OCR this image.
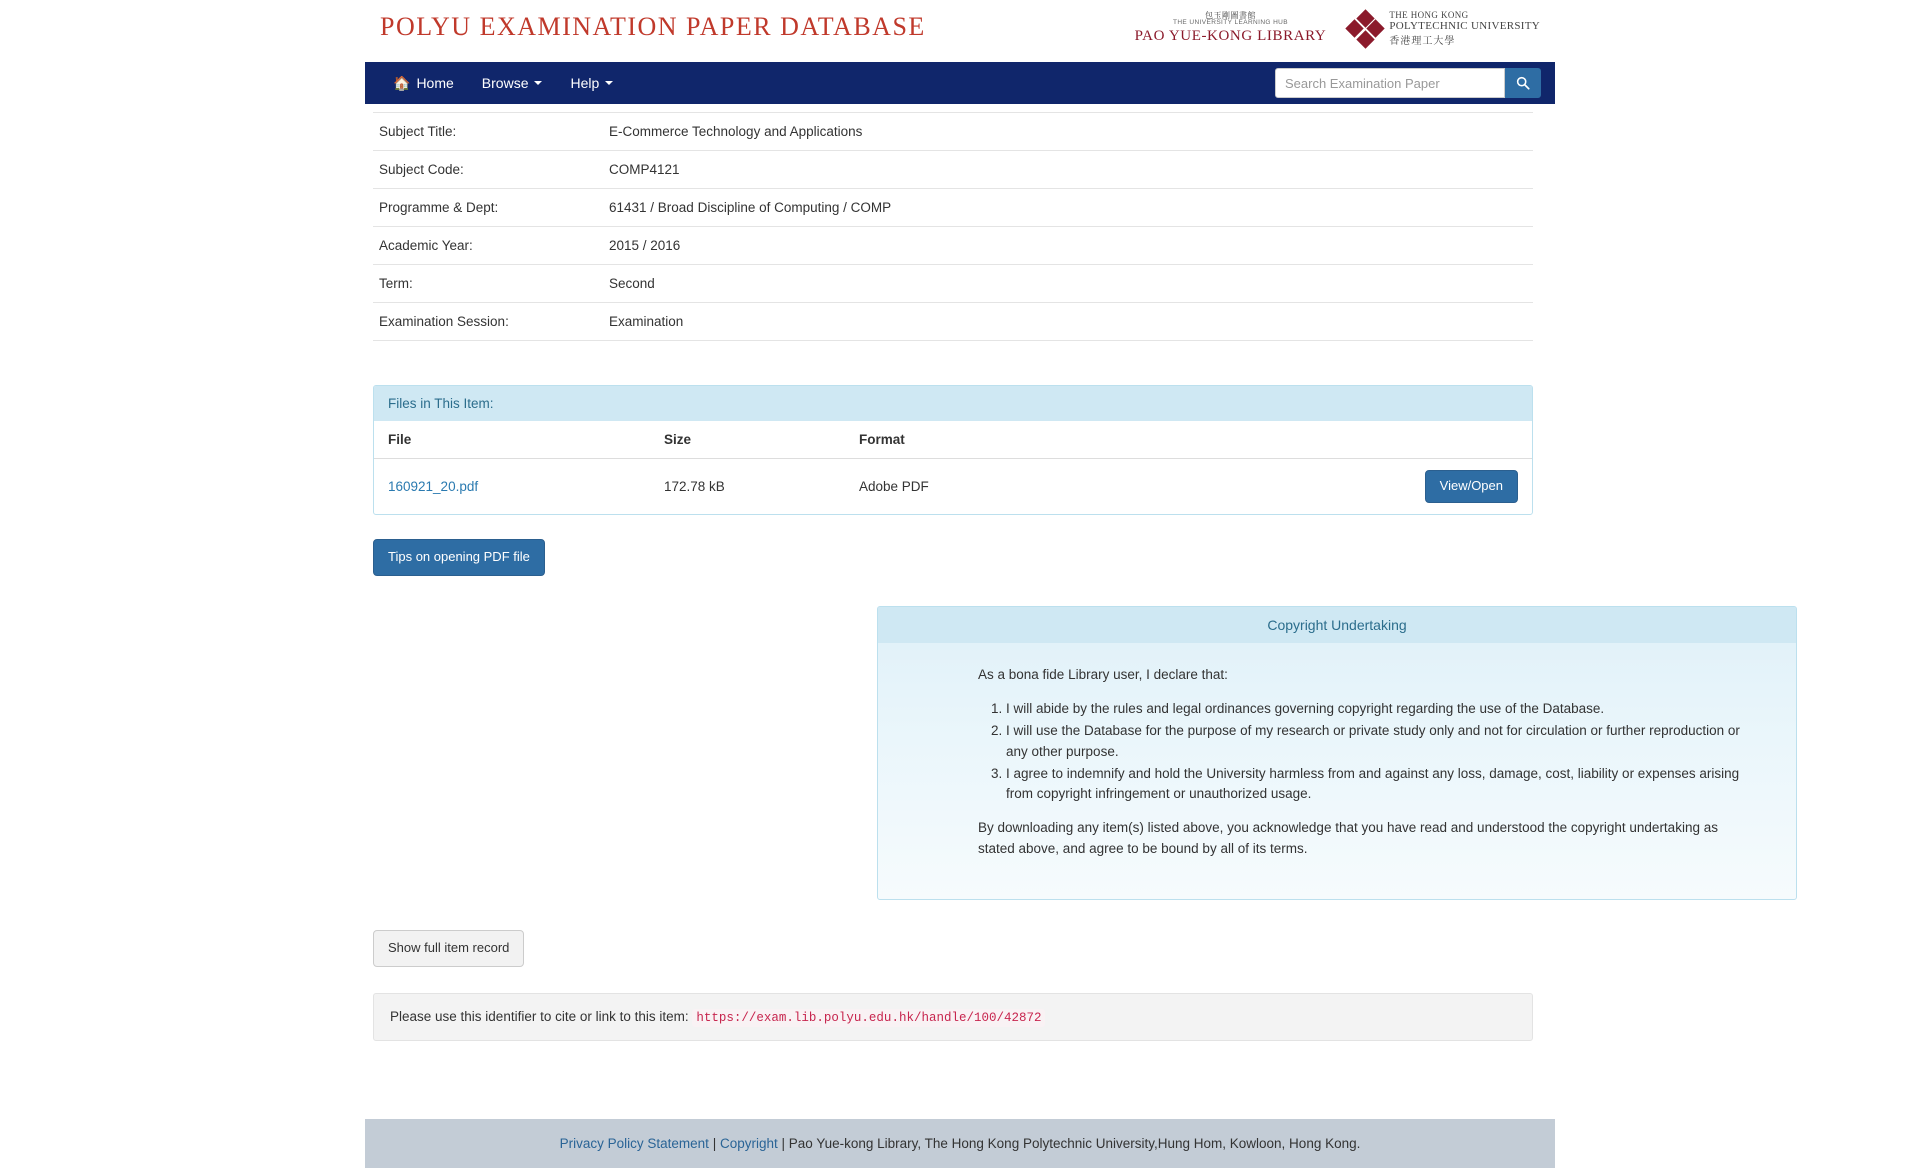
POLYU EXAMINATION PAPER DATABASE	包玉剛圖書館
THE UNIVERSITY LEARNING HUB
PAO YUE-KONG LIBRARY
THE HONG KONG
POLYTECHNIC UNIVERSITY
香港理工大學
🏠 Home Browse	Help
Search Examination Paper
Subject Title:	E-Commerce Technology and Applications
Subject Code:	COMP4121
Programme & Dept:	61431 / Broad Discipline of Computing / COMP
Academic Year:	2015 / 2016
Term:	Second
Examination Session:	Examination
Files in This Item:
File	Size	Format	
160921_20.pdf	172.78 kB	Adobe PDF	View/Open
Tips on opening PDF file
Copyright Undertaking

As a bona fide Library user, I declare that:

1. I will abide by the rules and legal ordinances governing copyright regarding the use of the Database.
2. I will use the Database for the purpose of my research or private study only and not for circulation or further reproduction or any other purpose.
3. I agree to indemnify and hold the University harmless from and against any loss, damage, cost, liability or expenses arising from copyright infringement or unauthorized usage.

By downloading any item(s) listed above, you acknowledge that you have read and understood the copyright undertaking as stated above, and agree to be bound by all of its terms.

Show full item record
Please use this identifier to cite or link to this item: https://exam.lib.polyu.edu.hk/handle/100/42872
Privacy Policy Statement | Copyright | Pao Yue-kong Library, The Hong Kong Polytechnic University,Hung Hom, Kowloon, Hong Kong.
